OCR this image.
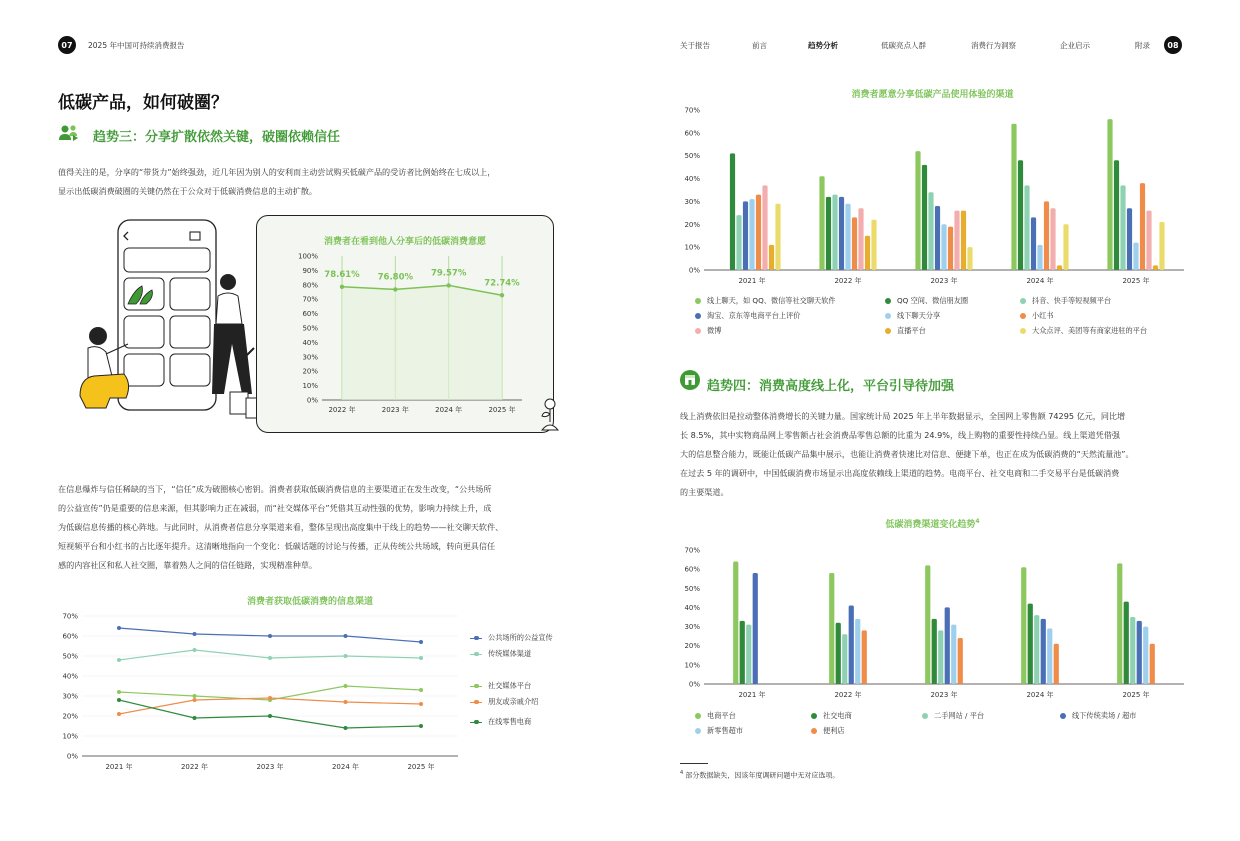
07	2025 年中国可持续消费报告
低碳产品，如何破圈？
趋势三：分享扩散依然关键，破圈依赖信任
值得关注的是，分享的“带货力”始终强劲，近几年因为别人的安利而主动尝试购买低碳产品的受访者比例始终在七成以上，
显示出低碳消费破圈的关键仍然在于公众对于低碳消费信息的主动扩散。
消费者在看到他人分享后的低碳消费意愿
0%
10%
20%
30%
40%
50%
60%
70%
80%
90%
100%
2022 年	2023 年	2024 年	2025 年
78.61% 76.80% 79.57%
72.74%
在信息爆炸与信任稀缺的当下，“信任”成为破圈核心密钥。消费者获取低碳消费信息的主要渠道正在发生改变，“公共场所
的公益宣传”仍是重要的信息来源，但其影响力正在减弱，而“社交媒体平台”凭借其互动性强的优势，影响力持续上升，成
为低碳信息传播的核心阵地。与此同时，从消费者信息分享渠道来看，整体呈现出高度集中于线上的趋势——社交聊天软件、
短视频平台和小红书的占比逐年提升。这清晰地指向一个变化：低碳话题的讨论与传播，正从传统公共场域，转向更具信任
感的内容社区和私人社交圈，靠着熟人之间的信任链路，实现精准种草。
消费者获取低碳消费的信息渠道
0%
10%
20%
30%
40%
50%
60%
70%
2021 年	2022 年	2023 年	2024 年	2025 年
公共场所的公益宣传
传统媒体渠道
社交媒体平台
朋友或亲戚介绍
在线零售电商
关于报告	前言	趋势分析	低碳亮点人群	消费行为洞察	企业启示	附录	08
消费者愿意分享低碳产品使用体验的渠道
0%
10%
20%
30%
40%
50%
60%
70%
2021 年	2022 年	2023 年	2024 年	2025 年
线上聊天，如 QQ、微信等社交聊天软件	QQ 空间、微信朋友圈	抖音、快手等短视频平台
淘宝、京东等电商平台上评价	线下聊天分享	小红书
微博	直播平台	大众点评、美团等有商家进驻的平台
趋势四：消费高度线上化，平台引导待加强
线上消费依旧是拉动整体消费增长的关键力量。国家统计局 2025 年上半年数据显示，全国网上零售额 74295 亿元，同比增
长 8.5%，其中实物商品网上零售额占社会消费品零售总额的比重为 24.9%，线上购物的重要性持续凸显。线上渠道凭借强
大的信息整合能力，既能让低碳产品集中展示，也能让消费者快速比对信息、便捷下单，也正在成为低碳消费的“天然流量池”。
在过去 5 年的调研中，中国低碳消费市场显示出高度依赖线上渠道的趋势。电商平台、社交电商和二手交易平台是低碳消费
的主要渠道。
低碳消费渠道变化趋势$^4$
0%
10%
20%
30%
40%
50%
60%
70%
2021 年	2022 年	2023 年	2024 年	2025 年
电商平台	社交电商	二手网站 / 平台	线下传统卖场 / 超市
新零售超市	便利店
$^4$ 部分数据缺失，因该年度调研问题中无对应选项。
